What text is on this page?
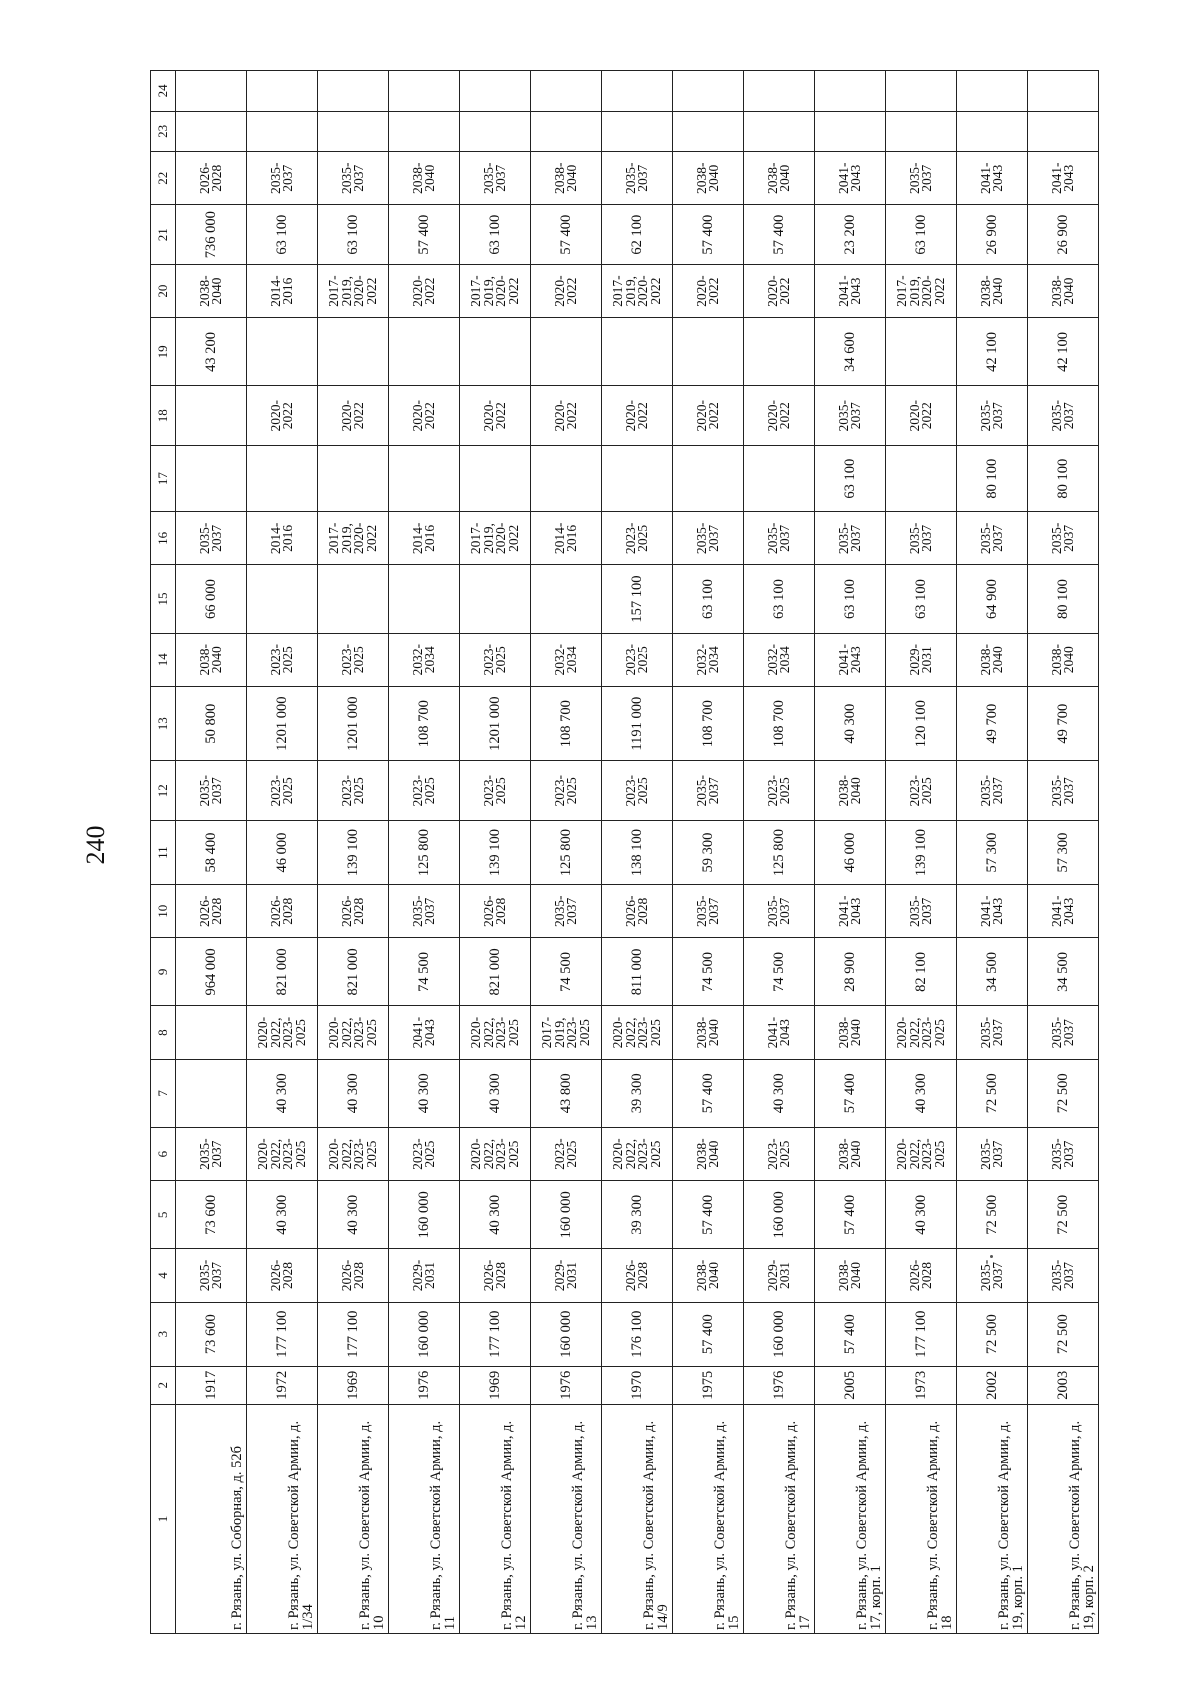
240
1	2	3	4	5	6	7	8	9	10	11	12	13	14	15	16	17	18	19	20	21	22	23	24
г. Рязань, ул. Соборная, д. 52б	1917	73 600	2035-2037	73 600	2035-2037			964 000	2026-2028	58 400	2035-2037	50 800	2038-2040	66 000	2035-2037			43 200	2038-2040	736 000	2026-2028		
г. Рязань, ул. Советской Армии, д. 1/34	1972	177 100	2026-2028	40 300	2020-2022, 2023-2025	40 300	2020-2022, 2023-2025	821 000	2026-2028	46 000	2023-2025	1201 000	2023-2025		2014-2016		2020-2022		2014-2016	63 100	2035-2037		
г. Рязань, ул. Советской Армии, д. 10	1969	177 100	2026-2028	40 300	2020-2022, 2023-2025	40 300	2020-2022, 2023-2025	821 000	2026-2028	139 100	2023-2025	1201 000	2023-2025		2017-2019, 2020-2022		2020-2022		2017-2019, 2020-2022	63 100	2035-2037		
г. Рязань, ул. Советской Армии, д. 11	1976	160 000	2029-2031	160 000	2023-2025	40 300	2041-2043	74 500	2035-2037	125 800	2023-2025	108 700	2032-2034		2014-2016		2020-2022		2020-2022	57 400	2038-2040		
г. Рязань, ул. Советской Армии, д. 12	1969	177 100	2026-2028	40 300	2020-2022, 2023-2025	40 300	2020-2022, 2023-2025	821 000	2026-2028	139 100	2023-2025	1201 000	2023-2025		2017-2019, 2020-2022		2020-2022		2017-2019, 2020-2022	63 100	2035-2037		
г. Рязань, ул. Советской Армии, д. 13	1976	160 000	2029-2031	160 000	2023-2025	43 800	2017-2019, 2023-2025	74 500	2035-2037	125 800	2023-2025	108 700	2032-2034		2014-2016		2020-2022		2020-2022	57 400	2038-2040		
г. Рязань, ул. Советской Армии, д. 14/9	1970	176 100	2026-2028	39 300	2020-2022, 2023-2025	39 300	2020-2022, 2023-2025	811 000	2026-2028	138 100	2023-2025	1191 000	2023-2025	157 100	2023-2025		2020-2022		2017-2019, 2020-2022	62 100	2035-2037		
г. Рязань, ул. Советской Армии, д. 15	1975	57 400	2038-2040	57 400	2038-2040	57 400	2038-2040	74 500	2035-2037	59 300	2035-2037	108 700	2032-2034	63 100	2035-2037		2020-2022		2020-2022	57 400	2038-2040		
г. Рязань, ул. Советской Армии, д. 17	1976	160 000	2029-2031	160 000	2023-2025	40 300	2041-2043	74 500	2035-2037	125 800	2023-2025	108 700	2032-2034	63 100	2035-2037		2020-2022		2020-2022	57 400	2038-2040		
г. Рязань, ул. Советской Армии, д. 17, корп. 1	2005	57 400	2038-2040	57 400	2038-2040	57 400	2038-2040	28 900	2041-2043	46 000	2038-2040	40 300	2041-2043	63 100	2035-2037	63 100	2035-2037	34 600	2041-2043	23 200	2041-2043		
г. Рязань, ул. Советской Армии, д. 18	1973	177 100	2026-2028	40 300	2020-2022, 2023-2025	40 300	2020-2022, 2023-2025	82 100	2035-2037	139 100	2023-2025	120 100	2029-2031	63 100	2035-2037		2020-2022		2017-2019, 2020-2022	63 100	2035-2037		
г. Рязань, ул. Советской Армии, д. 19, корп. 1	2002	72 500	2035-2037	72 500	2035-2037	72 500	2035-2037	34 500	2041-2043	57 300	2035-2037	49 700	2038-2040	64 900	2035-2037	80 100	2035-2037	42 100	2038-2040	26 900	2041-2043		
г. Рязань, ул. Советской Армии, д. 19, корп. 2	2003	72 500	2035-2037	72 500	2035-2037	72 500	2035-2037	34 500	2041-2043	57 300	2035-2037	49 700	2038-2040	80 100	2035-2037	80 100	2035-2037	42 100	2038-2040	26 900	2041-2043		
